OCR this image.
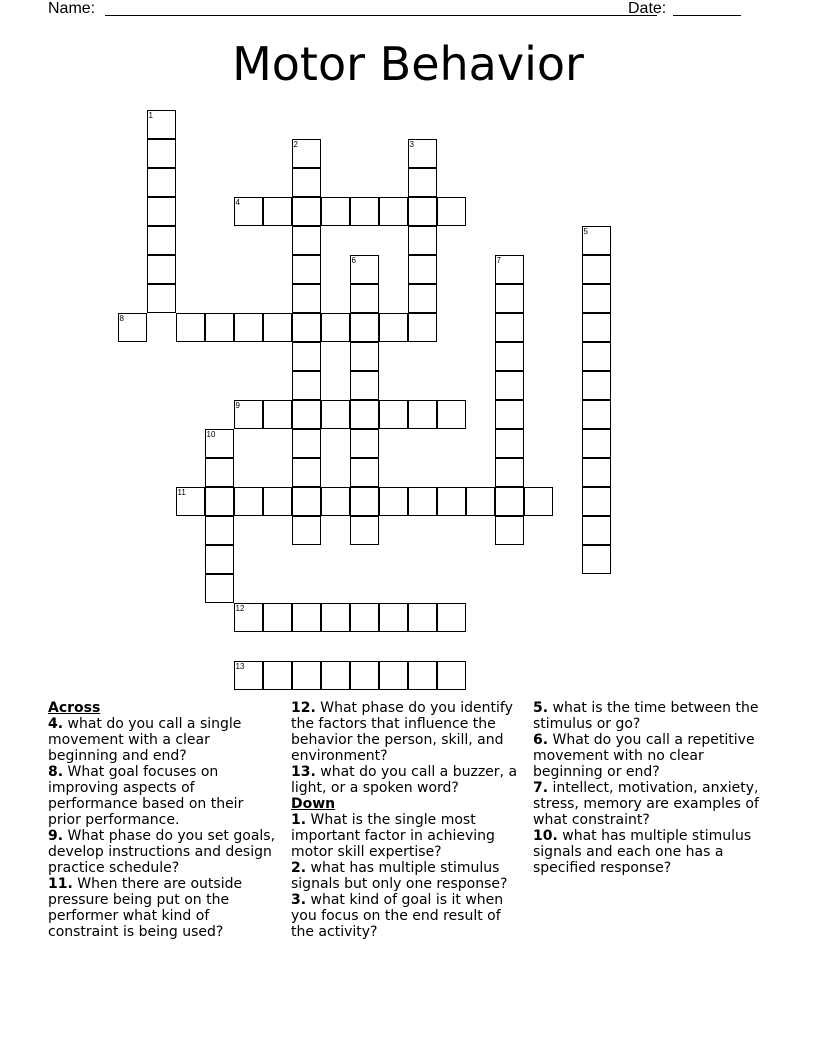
Name:	Date:
Motor Behavior
1
2	3
4
5
6	7
8
9
10
11
12
13
Across
4. what do you call a single movement with a clear beginning and end?
8. What goal focuses on improving aspects of performance based on their prior performance.
9. What phase do you set goals, develop instructions and design practice schedule?
11. When there are outside pressure being put on the performer what kind of constraint is being used?
12. What phase do you identify the factors that influence the behavior the person, skill, and environment?
13. what do you call a buzzer, a light, or a spoken word?
Down
1. What is the single most important factor in achieving motor skill expertise?
2. what has multiple stimulus signals but only one response?
3. what kind of goal is it when you focus on the end result of the activity?
5. what is the time between the stimulus or go?
6. What do you call a repetitive movement with no clear beginning or end?
7. intellect, motivation, anxiety, stress, memory are examples of what constraint?
10. what has multiple stimulus signals and each one has a specified response?
